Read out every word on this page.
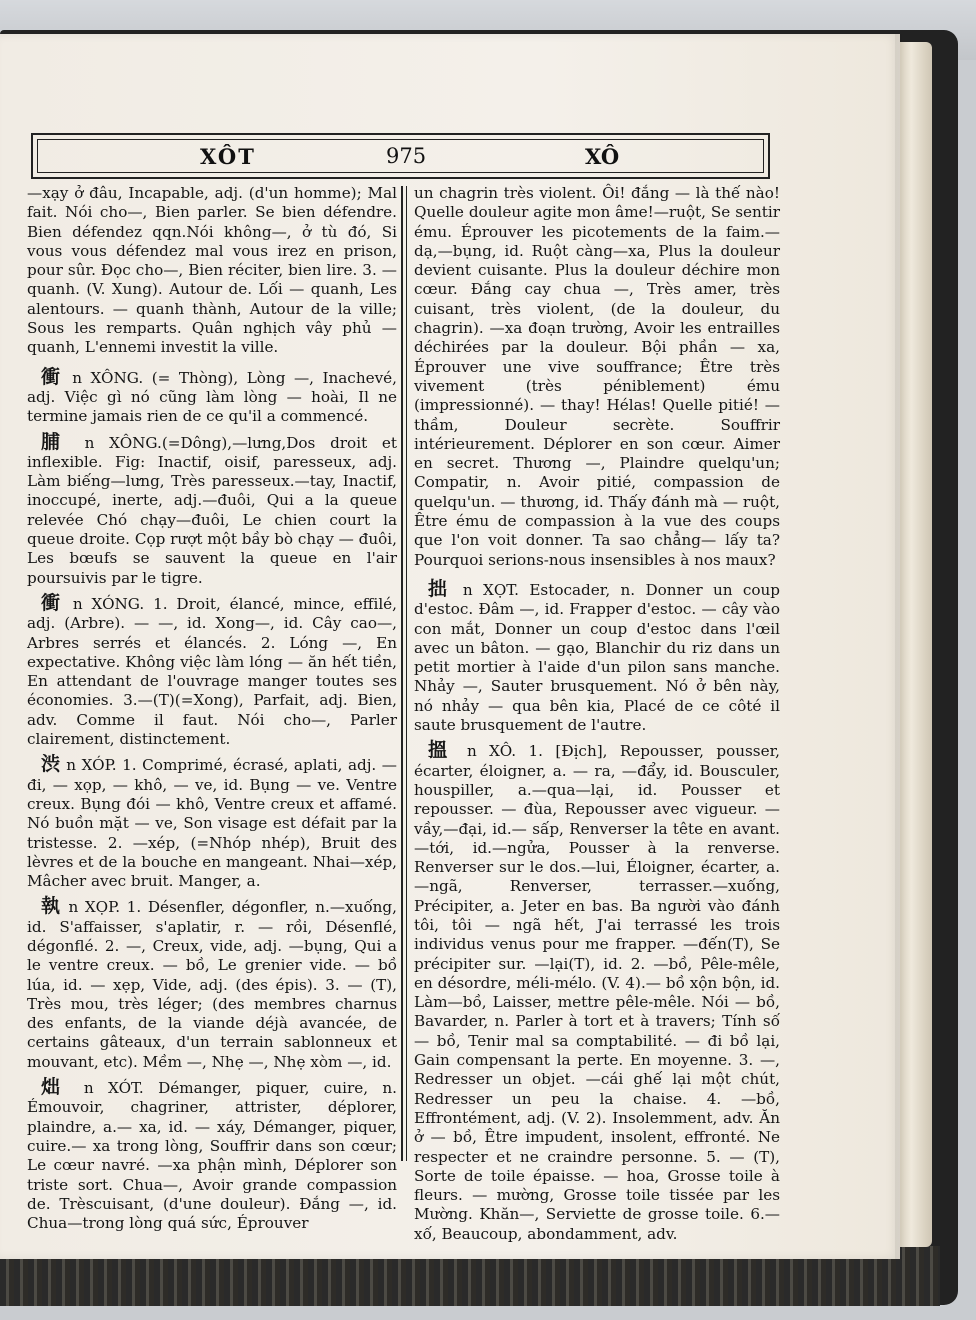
XÔT	975	XÔ

—xạy ở đâu, Incapable, adj. (d'un homme); Mal fait. Nói cho—, Bien parler. Se bien défendre. Bien défendez qqn.Nói không—, ở tù đó, Si vous vous défendez mal vous irez en prison, pour sûr. Đọc cho—, Bien réciter, bien lire. 3. — quanh. (V. Xung). Autour de. Lối — quanh, Les alentours. — quanh thành, Autour de la ville; Sous les remparts. Quân nghịch vây phủ —quanh, L'ennemi investit la ville.

衝 n XÔNG. (= Thòng), Lòng —, Inachevé, adj. Việc gì nó cũng làm lòng — hoài, Il ne termine jamais rien de ce qu'il a commencé.

脯 n XÔNG.(=Dông),—lưng,Dos droit et inflexible. Fig: Inactif, oisif, paresseux, adj. Làm biếng—lưng, Très paresseux.—tay, Inactif, inoccupé, inerte, adj.—đuôi, Qui a la queue relevée Chó chạy—đuôi, Le chien court la queue droite. Cọp rượt một bầy bò chạy — đuôi, Les bœufs se sauvent la queue en l'air poursuivis par le tigre.

衝 n XÓNG. 1. Droit, élancé, mince, effilé, adj. (Arbre). — —, id. Xong—, id. Cây cao—, Arbres serrés et élancés. 2. Lóng —, En expectative. Không việc làm lóng — ăn hết tiền, En attendant de l'ouvrage manger toutes ses économies. 3.—(T)(=Xong), Parfait, adj. Bien, adv. Comme il faut. Nói cho—, Parler clairement, distinctement.

渋 n XÓP. 1. Comprimé, écrasé, aplati, adj. — đi, — xọp, — khô, — ve, id. Bụng — ve. Ventre creux. Bụng đói — khô, Ventre creux et affamé. Nó buồn mặt — ve, Son visage est défait par la tristesse. 2. —xép, (=Nhóp nhép), Bruit des lèvres et de la bouche en mangeant. Nhai—xép, Mâcher avec bruit. Manger, a.

執 n XỌP. 1. Désenfler, dégonfler, n.—xuống, id. S'affaisser, s'aplatir, r. — rồi, Désenflé, dégonflé. 2. —, Creux, vide, adj. —bụng, Qui a le ventre creux. — bồ, Le grenier vide. — bồ lúa, id. — xẹp, Vide, adj. (des épis). 3. — (T), Très mou, très léger; (des membres charnus des enfants, de la viande déjà avancée, de certains gâteaux, d'un terrain sablonneux et mouvant, etc). Mềm —, Nhẹ —, Nhẹ xòm —, id.

炪 n XÓT. Démanger, piquer, cuire, n. Émouvoir, chagriner, attrister, déplorer, plaindre, a.— xa, id. — xáy, Démanger, piquer, cuire.— xa trong lòng, Souffrir dans son cœur; Le cœur navré. —xa phận mình, Déplorer son triste sort. Chua—, Avoir grande compassion de. Trèscuisant, (d'une douleur). Đắng —, id. Chua—trong lòng quá sức, Éprouver

un chagrin très violent. Ôi! đắng — là thế nào! Quelle douleur agite mon âme!—ruột, Se sentir ému. Éprouver les picotements de la faim.— dạ,—bụng, id. Ruột càng—xa, Plus la douleur devient cuisante. Plus la douleur déchire mon cœur. Đắng cay chua —, Très amer, très cuisant, très violent, (de la douleur, du chagrin). —xa đoạn trường, Avoir les entrailles déchirées par la douleur. Bội phần — xa, Éprouver une vive souffrance; Être très vivement (très péniblement) ému (impressionné). — thay! Hélas! Quelle pitié! —thầm, Douleur secrète. Souffrir intérieurement. Déplorer en son cœur. Aimer en secret. Thương —, Plaindre quelqu'un; Compatir, n. Avoir pitié, compassion de quelqu'un. — thương, id. Thấy đánh mà — ruột, Être ému de compassion à la vue des coups que l'on voit donner. Ta sao chẳng— lấy ta? Pourquoi serions-nous insensibles à nos maux?

拙 n XỌT. Estocader, n. Donner un coup d'estoc. Đâm —, id. Frapper d'estoc. — cây vào con mắt, Donner un coup d'estoc dans l'œil avec un bâton. — gạo, Blanchir du riz dans un petit mortier à l'aide d'un pilon sans manche. Nhảy —, Sauter brusquement. Nó ở bên này, nó nhảy — qua bên kia, Placé de ce côté il saute brusquement de l'autre.

搵 n XÔ. 1. [Địch], Repousser, pousser, écarter, éloigner, a. — ra, —đẩy, id. Bousculer, houspiller, a.—qua—lại, id. Pousser et repousser. — đùa, Repousser avec vigueur. — vầy,—đại, id.— sấp, Renverser la tête en avant.—tới, id.—ngửa, Pousser à la renverse. Renverser sur le dos.—lui, Éloigner, écarter, a.—ngã, Renverser, terrasser.—xuống, Précipiter, a. Jeter en bas. Ba người vào đánh tôi, tôi — ngã hết, J'ai terrassé les trois individus venus pour me frapper. —đến(T), Se précipiter sur. —lại(T), id. 2. —bồ, Pêle-mêle, en désordre, méli-mélo. (V. 4).— bồ xộn bộn, id. Làm—bồ, Laisser, mettre pêle-mêle. Nói — bồ, Bavarder, n. Parler à tort et à travers; Tính số — bồ, Tenir mal sa comptabilité. — đi bồ lại, Gain compensant la perte. En moyenne. 3. —, Redresser un objet. —cái ghế lại một chút, Redresser un peu la chaise. 4. —bồ, Effrontément, adj. (V. 2). Insolemment, adv. Ăn ở — bồ, Être impudent, insolent, effronté. Ne respecter et ne craindre personne. 5. — (T), Sorte de toile épaisse. — hoa, Grosse toile à fleurs. — mường, Grosse toile tissée par les Mường. Khăn—, Serviette de grosse toile. 6.—xố, Beaucoup, abondamment, adv.
